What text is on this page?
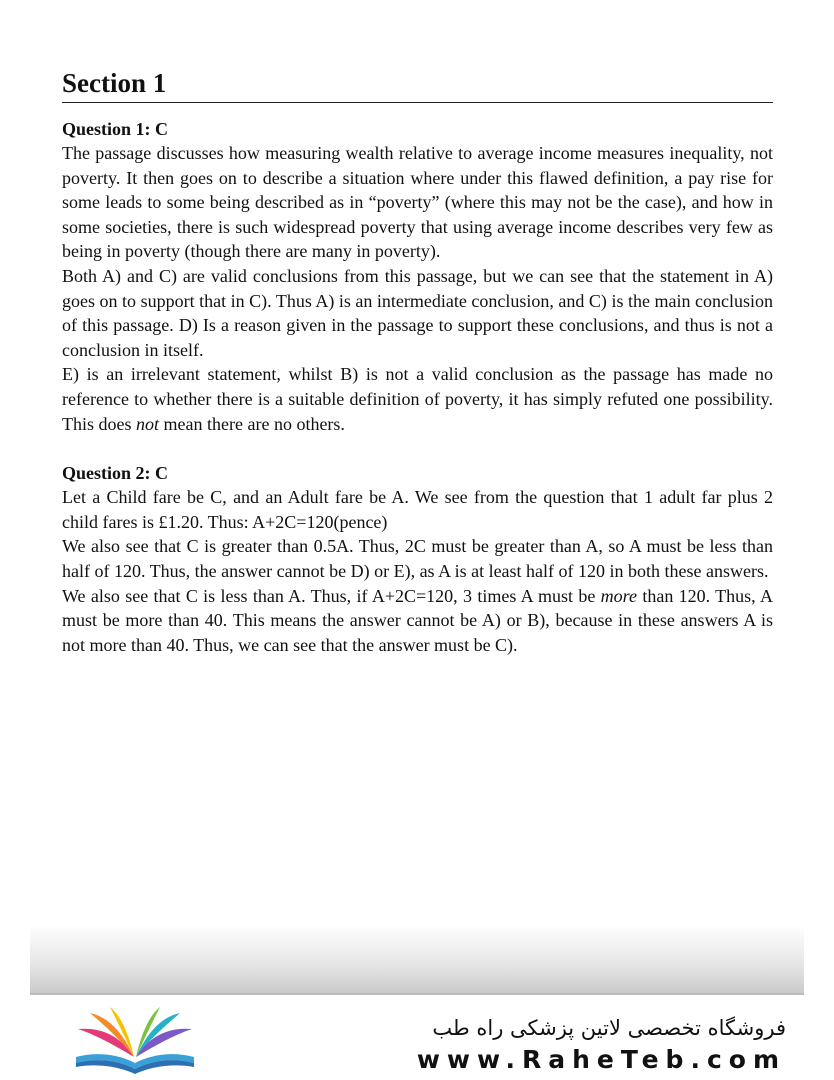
Section 1

Question 1: C

The passage discusses how measuring wealth relative to average income measures inequality, not poverty. It then goes on to describe a situation where under this flawed definition, a pay rise for some leads to some being described as in “poverty” (where this may not be the case), and how in some societies, there is such widespread poverty that using average income describes very few as being in poverty (though there are many in poverty).

Both A) and C) are valid conclusions from this passage, but we can see that the statement in A) goes on to support that in C). Thus A) is an intermediate conclusion, and C) is the main conclusion of this passage. D) Is a reason given in the passage to support these conclusions, and thus is not a conclusion in itself.

E) is an irrelevant statement, whilst B) is not a valid conclusion as the passage has made no reference to whether there is a suitable definition of poverty, it has simply refuted one possibility. This does not mean there are no others.

Question 2: C

Let a Child fare be C, and an Adult fare be A. We see from the question that 1 adult far plus 2 child fares is £1.20. Thus: A+2C=120(pence)

We also see that C is greater than 0.5A. Thus, 2C must be greater than A, so A must be less than half of 120. Thus, the answer cannot be D) or E), as A is at least half of 120 in both these answers.

We also see that C is less than A. Thus, if A+2C=120, 3 times A must be more than 120. Thus, A must be more than 40. This means the answer cannot be A) or B), because in these answers A is not more than 40. Thus, we can see that the answer must be C).

فروشگاه تخصصی لاتین پزشکی راه طب
www.RaheTeb.com
